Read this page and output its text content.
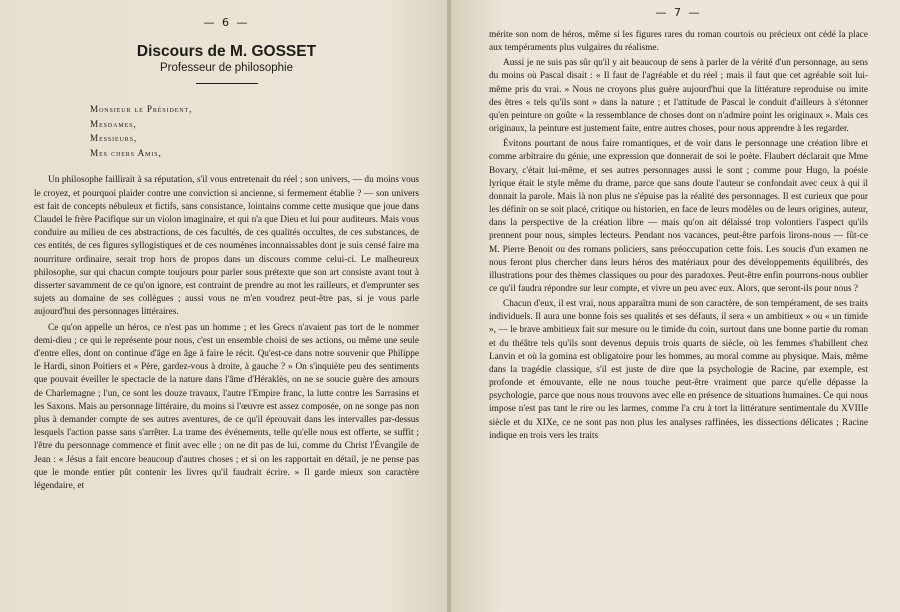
— 6 —
Discours de M. GOSSET
Professeur de philosophie
Monsieur le Président,
Mesdames,
Messieurs,
Mes chers Amis,

Un philosophe faillirait à sa réputation, s'il vous entretenait du réel ; son univers, — du moins vous le croyez, et pourquoi plaider contre une conviction si ancienne, si fermement établie ? — son univers est fait de concepts nébuleux et fictifs, sans consistance, lointains comme cette musique que joue dans Claudel le frère Pacifique sur un violon imaginaire, et qui n'a que Dieu et lui pour auditeurs. Mais vous conduire au milieu de ces abstractions, de ces facultés, de ces qualités occultes, de ces substances, de ces entités, de ces figures syllogistiques et de ces noumènes inconnaissables dont je suis censé faire ma nourriture ordinaire, serait trop hors de propos dans un discours comme celui-ci. Le malheureux philosophe, sur qui chacun compte toujours pour parler sous prétexte que son art consiste avant tout à disserter savamment de ce qu'on ignore, est contraint de prendre au mot les railleurs, et d'emprunter ses sujets au domaine de ses collègues ; aussi vous ne m'en voudrez peut-être pas, si je vous parle aujourd'hui des personnages littéraires.

Ce qu'on appelle un héros, ce n'est pas un homme ; et les Grecs n'avaient pas tort de le nommer demi-dieu ; ce qui le représente pour nous, c'est un ensemble choisi de ses actions, ou même une seule d'entre elles, dont on continue d'âge en âge à faire le récit. Qu'est-ce dans notre souvenir que Philippe le Hardi, sinon Poitiers et « Père, gardez-vous à droite, à gauche ? » On s'inquiète peu des sentiments que pouvait éveiller le spectacle de la nature dans l'âme d'Héraklès, on ne se soucie guère des amours de Charlemagne ; l'un, ce sont les douze travaux, l'autre l'Empire franc, la lutte contre les Sarrasins et les Saxons. Mais au personnage littéraire, du moins si l'œuvre est assez composée, on ne songe pas non plus à demander compte de ses autres aventures, de ce qu'il éprouvait dans les intervalles par-dessus lesquels l'action passe sans s'arrêter. La trame des événements, telle qu'elle nous est offerte, se suffit ; l'être du personnage commence et finit avec elle ; on ne dit pas de lui, comme du Christ l'Évangile de Jean : « Jésus a fait encore beaucoup d'autres choses ; et si on les rapportait en détail, je ne pense pas que le monde entier pût contenir les livres qu'il faudrait écrire. » Il garde mieux son caractère légendaire, et

— 7 —

mérite son nom de héros, même si les figures rares du roman courtois ou précieux ont cédé la place aux tempéraments plus vulgaires du réalisme.

Aussi je ne suis pas sûr qu'il y ait beaucoup de sens à parler de la vérité d'un personnage, au sens du moins où Pascal disait : « Il faut de l'agréable et du réel ; mais il faut que cet agréable soit lui-même pris du vrai. » Nous ne croyons plus guère aujourd'hui que la littérature reproduise ou imite des êtres « tels qu'ils sont » dans la nature ; et l'attitude de Pascal le conduit d'ailleurs à s'étonner qu'en peinture on goûte « la ressemblance de choses dont on n'admire point les originaux ». Mais ces originaux, la peinture est justement faite, entre autres choses, pour nous apprendre à les regarder.

Évitons pourtant de nous faire romantiques, et de voir dans le personnage une création libre et comme arbitraire du génie, une expression que donnerait de soi le poète. Flaubert déclarait que Mme Bovary, c'était lui-même, et ses autres personnages aussi le sont ; comme pour Hugo, la poésie lyrique était le style même du drame, parce que sans doute l'auteur se confondait avec ceux à qui il donnait la parole. Mais là non plus ne s'épuise pas la réalité des personnages. Il est curieux que pour les définir on se soit placé, critique ou historien, en face de leurs modèles ou de leurs origines, auteur, dans la perspective de la création libre — mais qu'on ait délaissé trop volontiers l'aspect qu'ils prennent pour nous, simples lecteurs. Pendant nos vacances, peut-être parfois lirons-nous — fût-ce M. Pierre Benoit ou des romans policiers, sans préoccupation cette fois. Les soucis d'un examen ne nous feront plus chercher dans leurs héros des matériaux pour des développements équilibrés, des illustrations pour des thèmes classiques ou pour des paradoxes. Peut-être enfin pourrons-nous oublier ce qu'il faudra répondre sur leur compte, et vivre un peu avec eux. Alors, que seront-ils pour nous ?

Chacun d'eux, il est vrai, nous apparaîtra muni de son caractère, de son tempérament, de ses traits individuels. Il aura une bonne fois ses qualités et ses défauts, il sera « un ambitieux » ou « un timide », — le brave ambitieux fait sur mesure ou le timide du coin, surtout dans une bonne partie du roman et du théâtre tels qu'ils sont devenus depuis trois quarts de siècle, où les femmes s'habillent chez Lanvin et où la gomina est obligatoire pour les hommes, au moral comme au physique. Mais, même dans la tragédie classique, s'il est juste de dire que la psychologie de Racine, par exemple, est profonde et émouvante, elle ne nous touche peut-être vraiment que parce qu'elle dépasse la psychologie, parce que nous nous trouvons avec elle en présence de situations humaines. Ce qui nous impose n'est pas tant le rire ou les larmes, comme l'a cru à tort la littérature sentimentale du XVIIIe siècle et du XIXe, ce ne sont pas non plus les analyses raffinées, les dissections délicates ; Racine indique en trois vers les traits
